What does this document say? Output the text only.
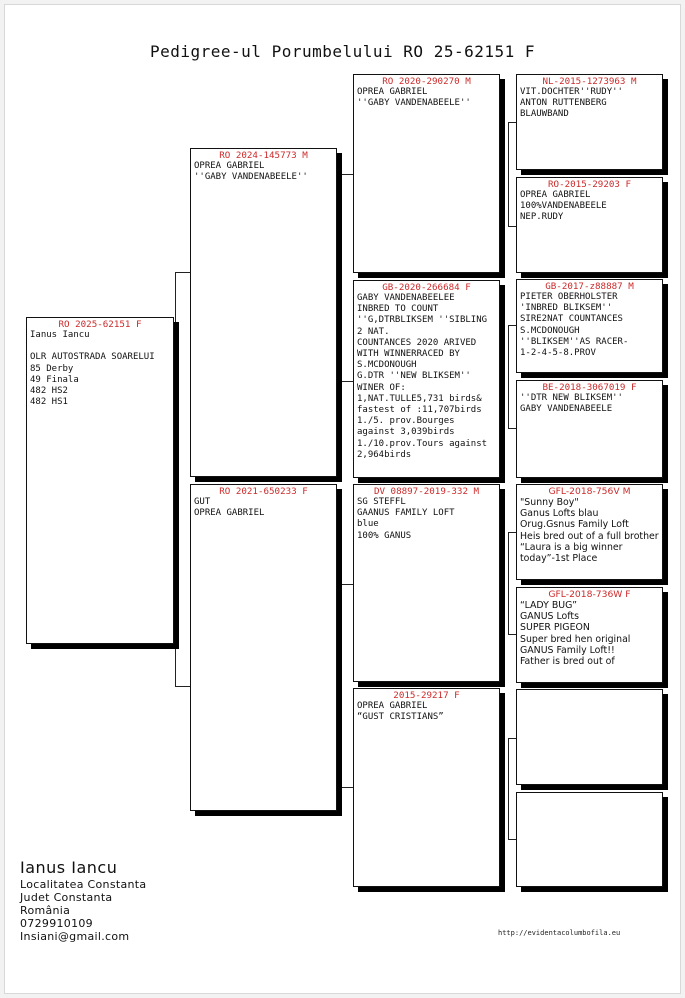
Pedigree-ul Porumbelului RO 25-62151 F
RO 2025-62151 F
Ianus Iancu

OLR AUTOSTRADA SOARELUI
85 Derby
49 Finala
482 HS2
482 HS1
RO 2024-145773 M
OPREA GABRIEL
''GABY VANDENABEELE''
RO 2021-650233 F
GUT
OPREA GABRIEL
RO 2020-290270 M
OPREA GABRIEL
''GABY VANDENABEELE''
GB-2020-266684 F
GABY VANDENABEELEE
INBRED TO COUNT
''G,DTRBLIKSEM ''SIBLING
2 NAT.
COUNTANCES 2020 ARIVED
WITH WINNERRACED BY
S.MCDONOUGH
G.DTR ''NEW BLIKSEM''
WINER OF:
1,NAT.TULLE5,731 birds&
fastest of :11,707birds
1./5. prov.Bourges
against 3,039birds
1./10.prov.Tours against
2,964birds
DV 08897-2019-332 M
SG STEFFL
GAANUS FAMILY LOFT
blue
100% GANUS
2015-29217 F
OPREA GABRIEL
“GUST CRISTIANS”
NL-2015-1273963 M
VIT.DOCHTER''RUDY''
ANTON RUTTENBERG
BLAUWBAND
RO-2015-29203 F
OPREA GABRIEL
100%VANDENABEELE
NEP.RUDY
GB-2017-z88887 M
PIETER OBERHOLSTER
'INBRED BLIKSEM''
SIRE2NAT COUNTANCES
S.MCDONOUGH
''BLIKSEM''AS RACER-
1-2-4-5-8.PROV
BE-2018-3067019 F
''DTR NEW BLIKSEM''
GABY VANDENABEELE
GFL-2018-756V M
"Sunny Boy"
Ganus Lofts blau
Orug.Gsnus Family Loft
Heis bred out of a full brother “Laura is a big winner today”-1st Place
GFL-2018-736W F
“LADY BUG”
GANUS Lofts
SUPER PIGEON
Super bred hen original GANUS Family Loft!!
Father is bred out of
Ianus Iancu
Localitatea Constanta
Judet Constanta
România
0729910109
Insiani@gmail.com	http://evidentacolumbofila.eu
